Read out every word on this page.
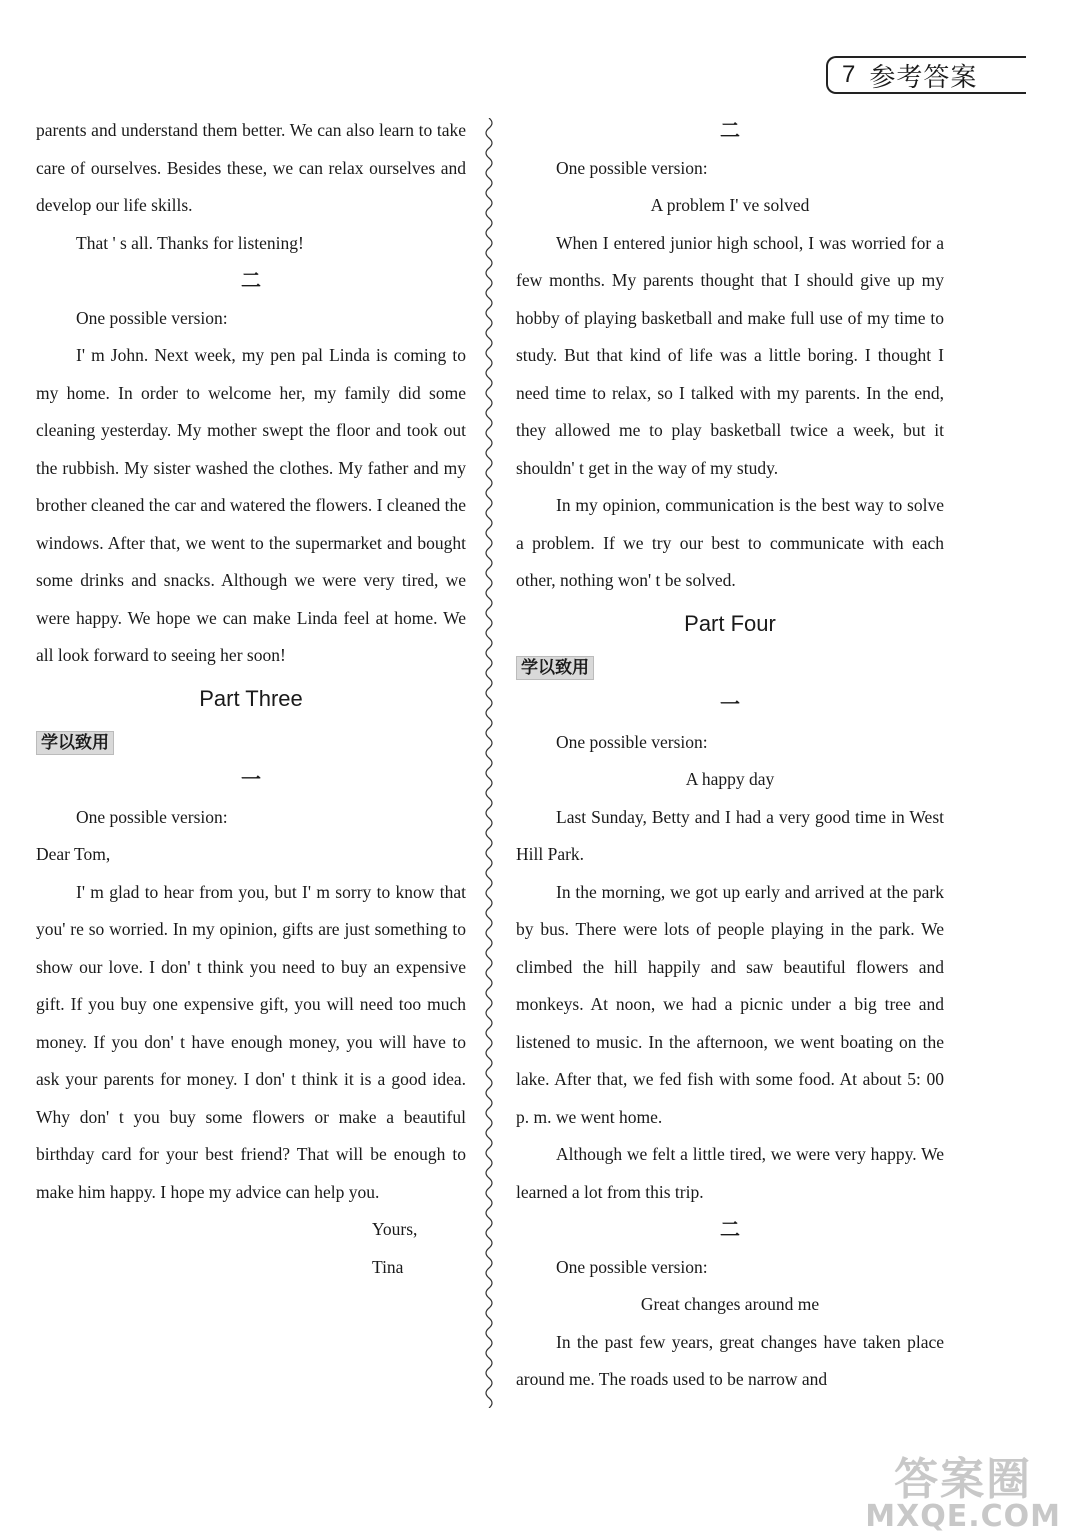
7 参考答案

parents and understand them better. We can also learn to take care of ourselves. Besides these, we can relax ourselves and develop our life skills.

That ' s all. Thanks for listening!

二

One possible version:

I' m John. Next week, my pen pal Linda is coming to my home. In order to welcome her, my family did some cleaning yesterday. My mother swept the floor and took out the rubbish. My sister washed the clothes. My father and my brother cleaned the car and watered the flowers. I cleaned the windows. After that, we went to the supermarket and bought some drinks and snacks. Although we were very tired, we were happy. We hope we can make Linda feel at home. We all look forward to seeing her soon!

Part Three
学以致用
一

One possible version:

Dear Tom,

I' m glad to hear from you, but I' m sorry to know that you' re so worried. In my opinion, gifts are just something to show our love. I don' t think you need to buy an expensive gift. If you buy one expensive gift, you will need too much money. If you don' t have enough money, you will have to ask your parents for money. I don' t think it is a good idea. Why don' t you buy some flowers or make a beautiful birthday card for your best friend? That will be enough to make him happy. I hope my advice can help you.

Yours,

Tina

二

One possible version:

A problem I' ve solved

When I entered junior high school, I was worried for a few months. My parents thought that I should give up my hobby of playing basketball and make full use of my time to study. But that kind of life was a little boring. I thought I need time to relax, so I talked with my parents. In the end, they allowed me to play basketball twice a week, but it shouldn' t get in the way of my study.

In my opinion, communication is the best way to solve a problem. If we try our best to communicate with each other, nothing won' t be solved.

Part Four
学以致用
一

One possible version:

A happy day

Last Sunday, Betty and I had a very good time in West Hill Park.

In the morning, we got up early and arrived at the park by bus. There were lots of people playing in the park. We climbed the hill happily and saw beautiful flowers and monkeys. At noon, we had a picnic under a big tree and listened to music. In the afternoon, we went boating on the lake. After that, we fed fish with some food. At about 5: 00 p. m. we went home.

Although we felt a little tired, we were very happy. We learned a lot from this trip.

二

One possible version:

Great changes around me

In the past few years, great changes have taken place around me. The roads used to be narrow and

答案圈
MXQE.COM
